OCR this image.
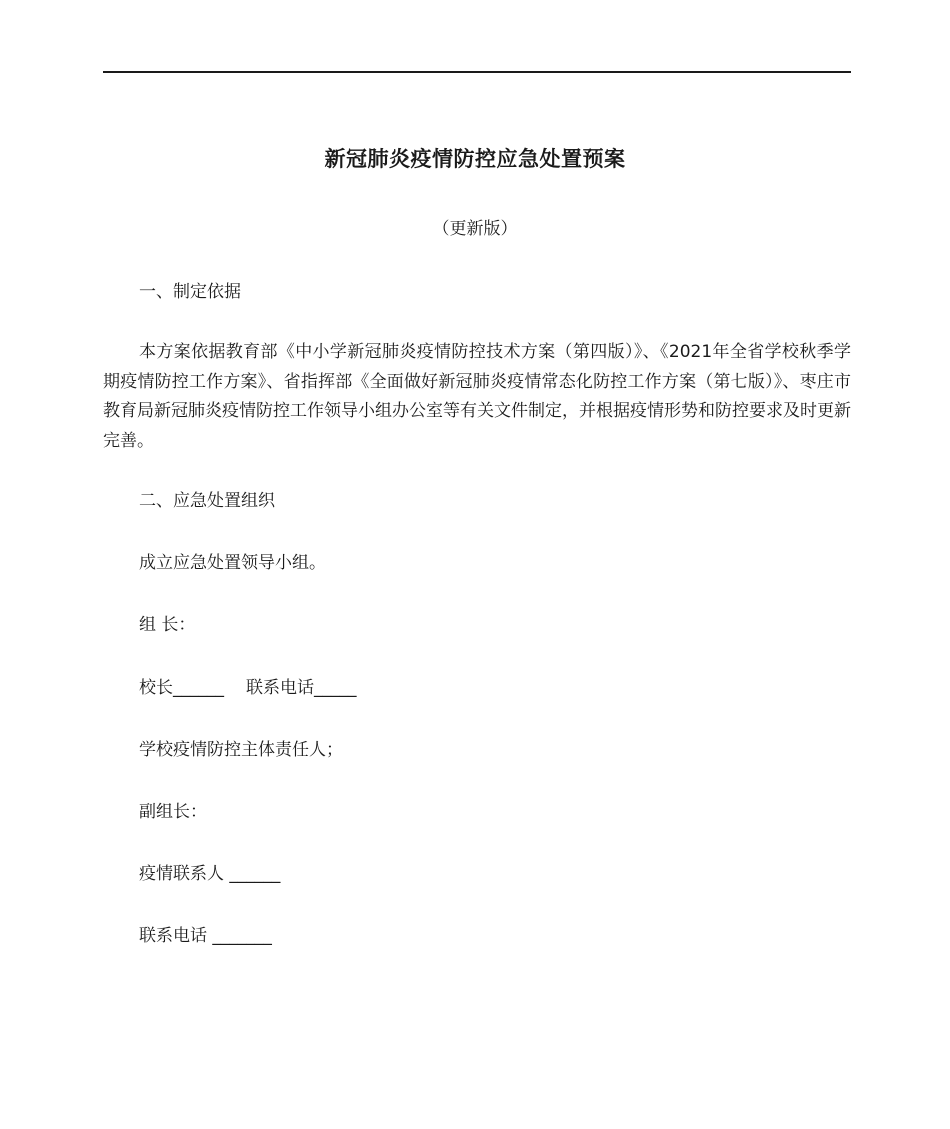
新冠肺炎疫情防控应急处置预案
（更新版）
一、制定依据
本方案依据教育部《中小学新冠肺炎疫情防控技术方案（第四版）》、《2021年全省学校秋季学期疫情防控工作方案》、省指挥部《全面做好新冠肺炎疫情常态化防控工作方案（第七版）》、枣庄市教育局新冠肺炎疫情防控工作领导小组办公室等有关文件制定，并根据疫情形势和防控要求及时更新完善。
二、应急处置组织
成立应急处置领导小组。
组 长：
校长______ 联系电话_____
学校疫情防控主体责任人；
副组长：
疫情联系人 ______
联系电话 _______
